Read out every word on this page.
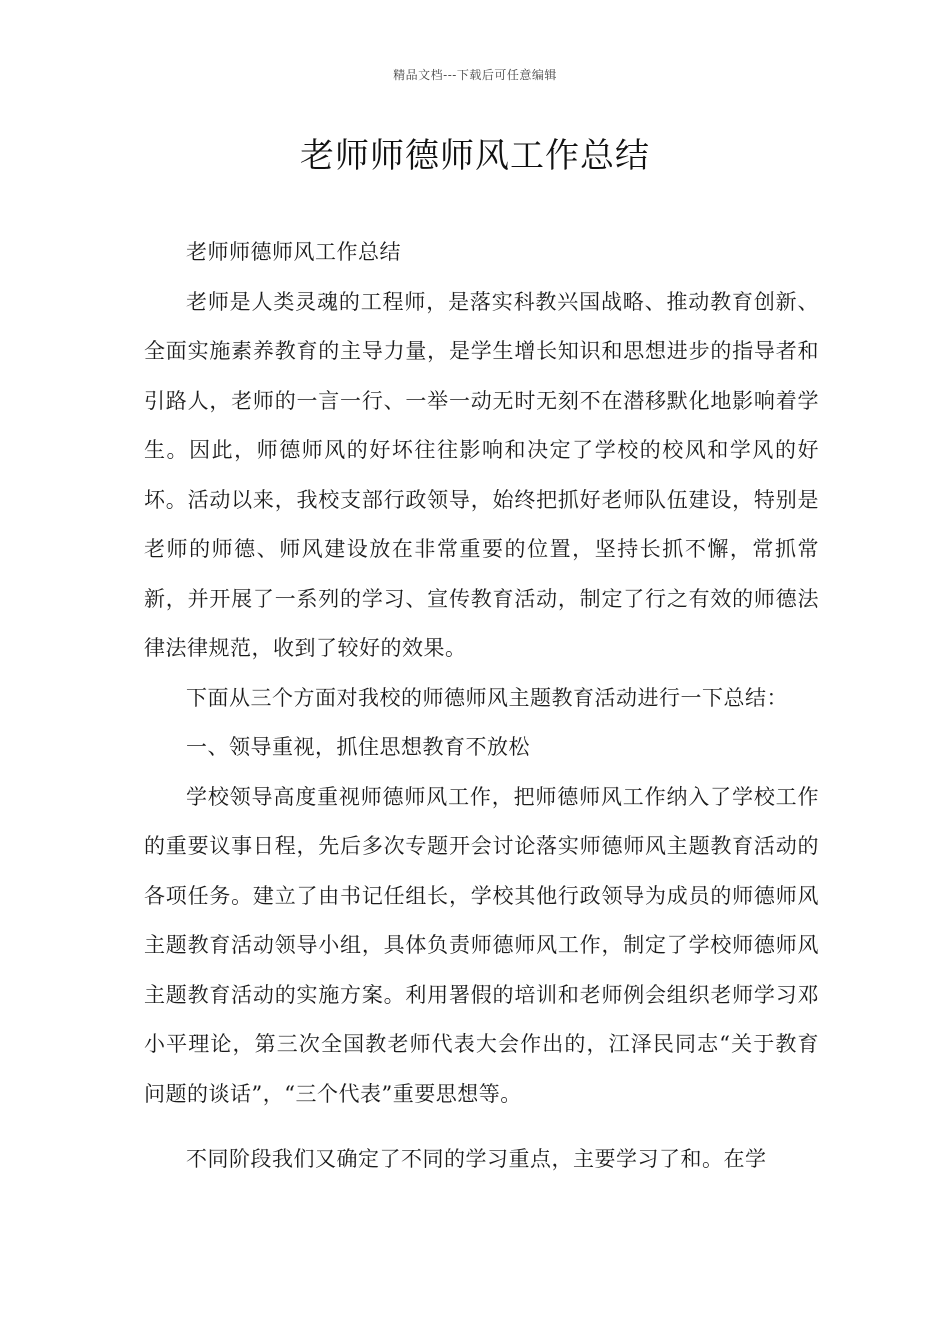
精品文档---下载后可任意编辑
老师师德师风工作总结

老师师德师风工作总结

老师是人类灵魂的工程师，是落实科教兴国战略、推动教育创新、全面实施素养教育的主导力量，是学生增长知识和思想进步的指导者和引路人，老师的一言一行、一举一动无时无刻不在潜移默化地影响着学生。因此，师德师风的好坏往往影响和决定了学校的校风和学风的好坏。活动以来，我校支部行政领导，始终把抓好老师队伍建设，特别是老师的师德、师风建设放在非常重要的位置，坚持长抓不懈，常抓常新，并开展了一系列的学习、宣传教育活动，制定了行之有效的师德法律法律规范，收到了较好的效果。

下面从三个方面对我校的师德师风主题教育活动进行一下总结：

一、领导重视，抓住思想教育不放松

学校领导高度重视师德师风工作，把师德师风工作纳入了学校工作的重要议事日程，先后多次专题开会讨论落实师德师风主题教育活动的各项任务。建立了由书记任组长，学校其他行政领导为成员的师德师风主题教育活动领导小组，具体负责师德师风工作，制定了学校师德师风主题教育活动的实施方案。利用署假的培训和老师例会组织老师学习邓小平理论，第三次全国教老师代表大会作出的，江泽民同志“关于教育问题的谈话”，“三个代表”重要思想等。

不同阶段我们又确定了不同的学习重点，主要学习了和。在学
